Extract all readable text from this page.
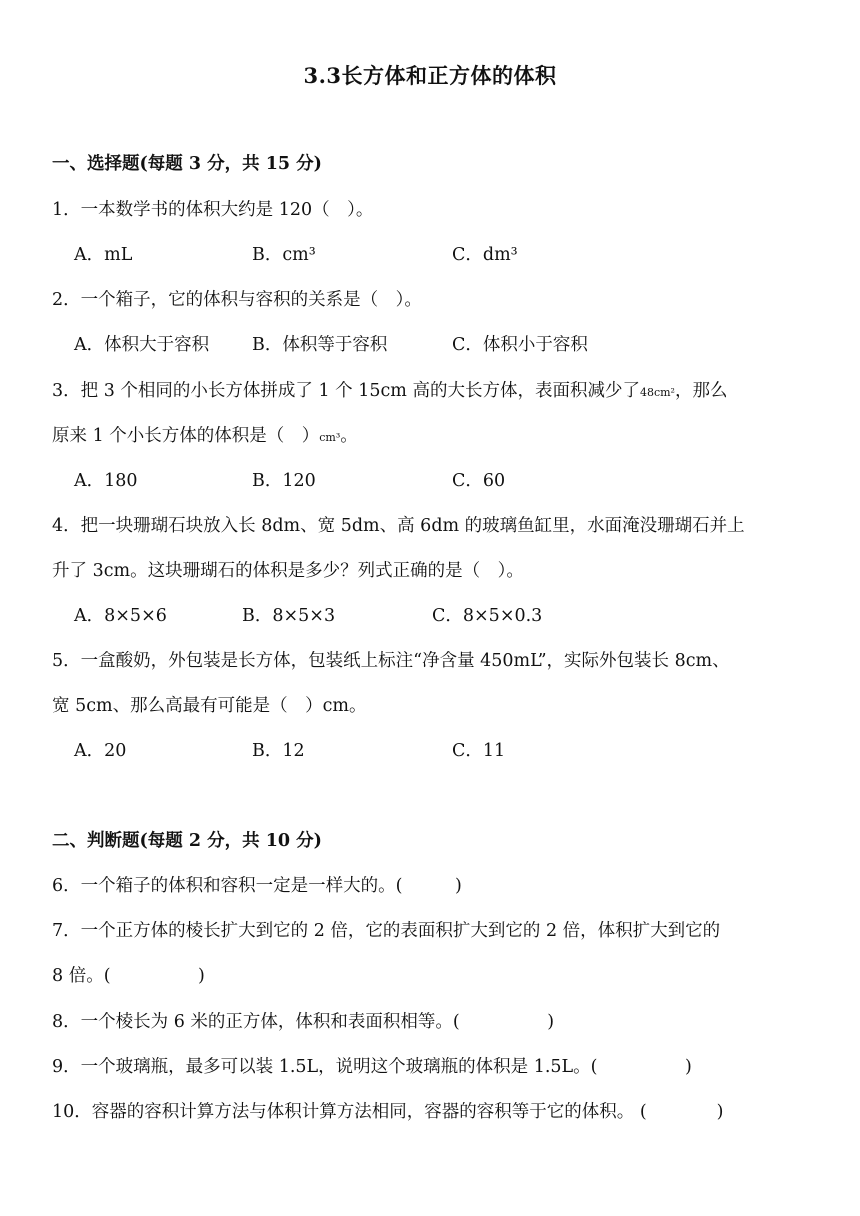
3.3长方体和正方体的体积
一、选择题(每题 3 分，共 15 分)
1．一本数学书的体积大约是 120（　）。
A．mL	B．cm³	C．dm³
2．一个箱子，它的体积与容积的关系是（　）。
A．体积大于容积 B．体积等于容积	C．体积小于容积
3．把 3 个相同的小长方体拼成了 1 个 15cm 高的大长方体，表面积减少了48cm²，那么
原来 1 个小长方体的体积是（　）cm³。
A．180	B．120	C．60
4．把一块珊瑚石块放入长 8dm、宽 5dm、高 6dm 的玻璃鱼缸里，水面淹没珊瑚石并上
升了 3cm。这块珊瑚石的体积是多少？列式正确的是（　）。
A．8×5×6	B．8×5×3	C．8×5×0.3
5．一盒酸奶，外包装是长方体，包装纸上标注“净含量 450mL”，实际外包装长 8cm、
宽 5cm、那么高最有可能是（　）cm。
A．20	B．12	C．11
二、判断题(每题 2 分，共 10 分)
6．一个箱子的体积和容积一定是一样大的。(　　　)
7．一个正方体的棱长扩大到它的 2 倍，它的表面积扩大到它的 2 倍，体积扩大到它的
8 倍。(　　　　　)
8．一个棱长为 6 米的正方体，体积和表面积相等。(　　　　　)
9．一个玻璃瓶，最多可以装 1.5L，说明这个玻璃瓶的体积是 1.5L。(　　　　　)
10．容器的容积计算方法与体积计算方法相同，容器的容积等于它的体积。 (　　　　)
